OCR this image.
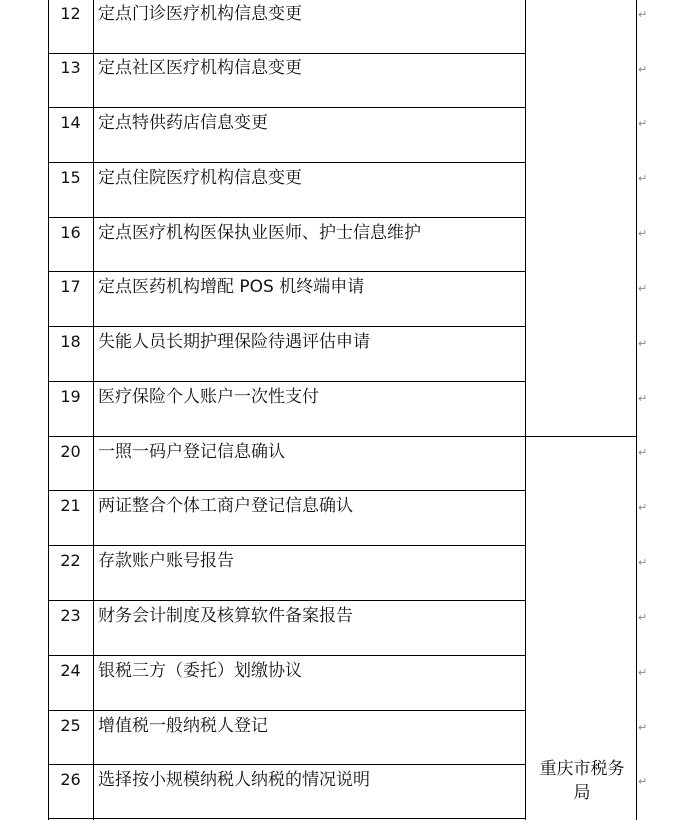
12	定点门诊医疗机构信息变更
13	定点社区医疗机构信息变更
14	定点特供药店信息变更
15	定点住院医疗机构信息变更
16	定点医疗机构医保执业医师、护士信息维护
17	定点医药机构增配 POS 机终端申请
18	失能人员长期护理保险待遇评估申请
19	医疗保险个人账户一次性支付
20	一照一码户登记信息确认
21	两证整合个体工商户登记信息确认
22	存款账户账号报告
23	财务会计制度及核算软件备案报告
24	银税三方（委托）划缴协议
25	增值税一般纳税人登记
26	选择按小规模纳税人纳税的情况说明
重庆市税务
局
↵
↵
↵
↵
↵
↵
↵
↵
↵
↵
↵
↵
↵
↵
↵
